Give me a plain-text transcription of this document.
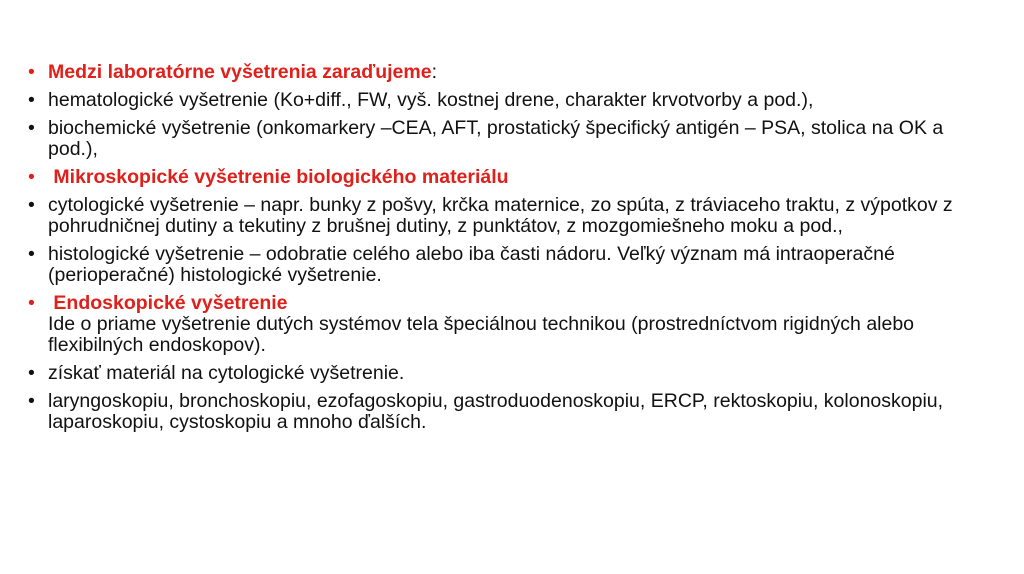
• Medzi laboratórne vyšetrenia zaraďujeme:
• hematologické vyšetrenie (Ko+diff., FW, vyš. kostnej drene, charakter krvotvorby a pod.),
• biochemické vyšetrenie (onkomarkery –CEA, AFT, prostatický špecifický antigén – PSA, stolica na OK a pod.),
• Mikroskopické vyšetrenie biologického materiálu
• cytologické vyšetrenie – napr. bunky z pošvy, krčka maternice, zo spúta, z tráviaceho traktu, z výpotkov z pohrudničnej dutiny a tekutiny z brušnej dutiny, z punktátov, z mozgomiešneho moku a pod.,
• histologické vyšetrenie – odobratie celého alebo iba časti nádoru. Veľký význam má intraoperačné (perioperačné) histologické vyšetrenie.
• Endoskopické vyšetrenie
Ide o priame vyšetrenie dutých systémov tela špeciálnou technikou (prostredníctvom rigidných alebo flexibilných endoskopov).
• získať materiál na cytologické vyšetrenie.
• laryngoskopiu, bronchoskopiu, ezofagoskopiu, gastroduodenoskopiu, ERCP, rektoskopiu, kolonoskopiu, laparoskopiu, cystoskopiu a mnoho ďalších.
